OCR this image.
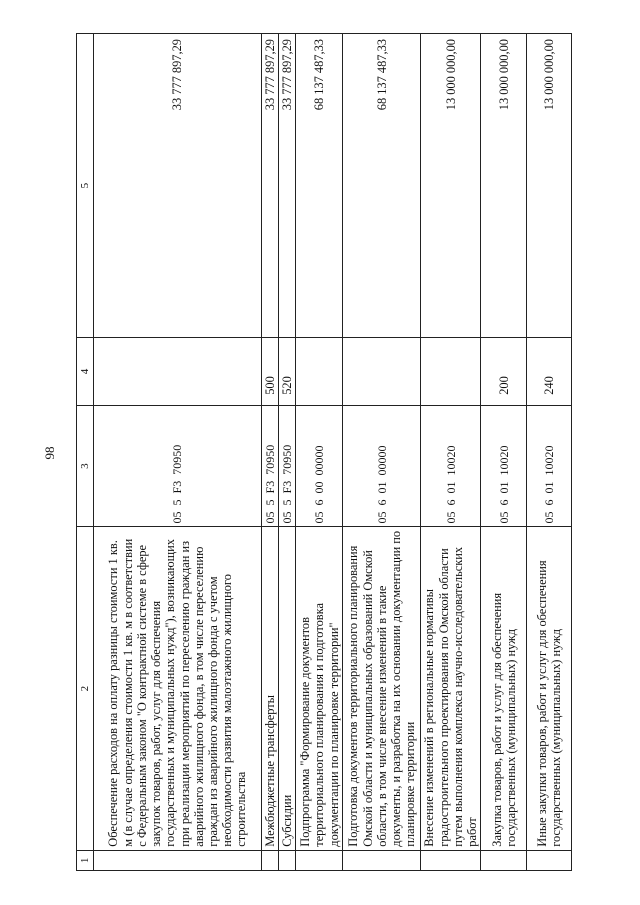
98
1	2	3	4	5
	Обеспечение расходов на оплату разницы стоимости 1 кв. м (в случае определения стоимости 1 кв. м в соответствии с Федеральным законом "О контрактной системе в сфере закупок товаров, работ, услуг для обеспечения государственных и муниципальных нужд"), возникающих при реализации мероприятий по переселению граждан из аварийного жилищного фонда, в том числе переселению граждан из аварийного жилищного фонда с учетом необходимости развития малоэтажного жилищного строительства	05  5  F3  70950		33 777 897,29
	Межбюджетные трансферты	05  5  F3  70950	500	33 777 897,29
	Субсидии	05  5  F3  70950	520	33 777 897,29
	Подпрограмма "Формирование документов территориального планирования и подготовка документации по планировке территории"	05  6  00  00000		68 137 487,33
	Подготовка документов территориального планирования Омской области и муниципальных образований Омской области, в том числе внесение изменений в такие документы, и разработка на их основании документации по планировке территории	05  6  01  00000		68 137 487,33
	Внесение изменений в региональные нормативы градостроительного проектирования по Омской области путем выполнения комплекса научно-исследовательских работ	05  6  01  10020		13 000 000,00
	Закупка товаров, работ и услуг для обеспечения государственных (муниципальных) нужд	05  6  01  10020	200	13 000 000,00
	Иные закупки товаров, работ и услуг для обеспечения государственных (муниципальных) нужд	05  6  01  10020	240	13 000 000,00
